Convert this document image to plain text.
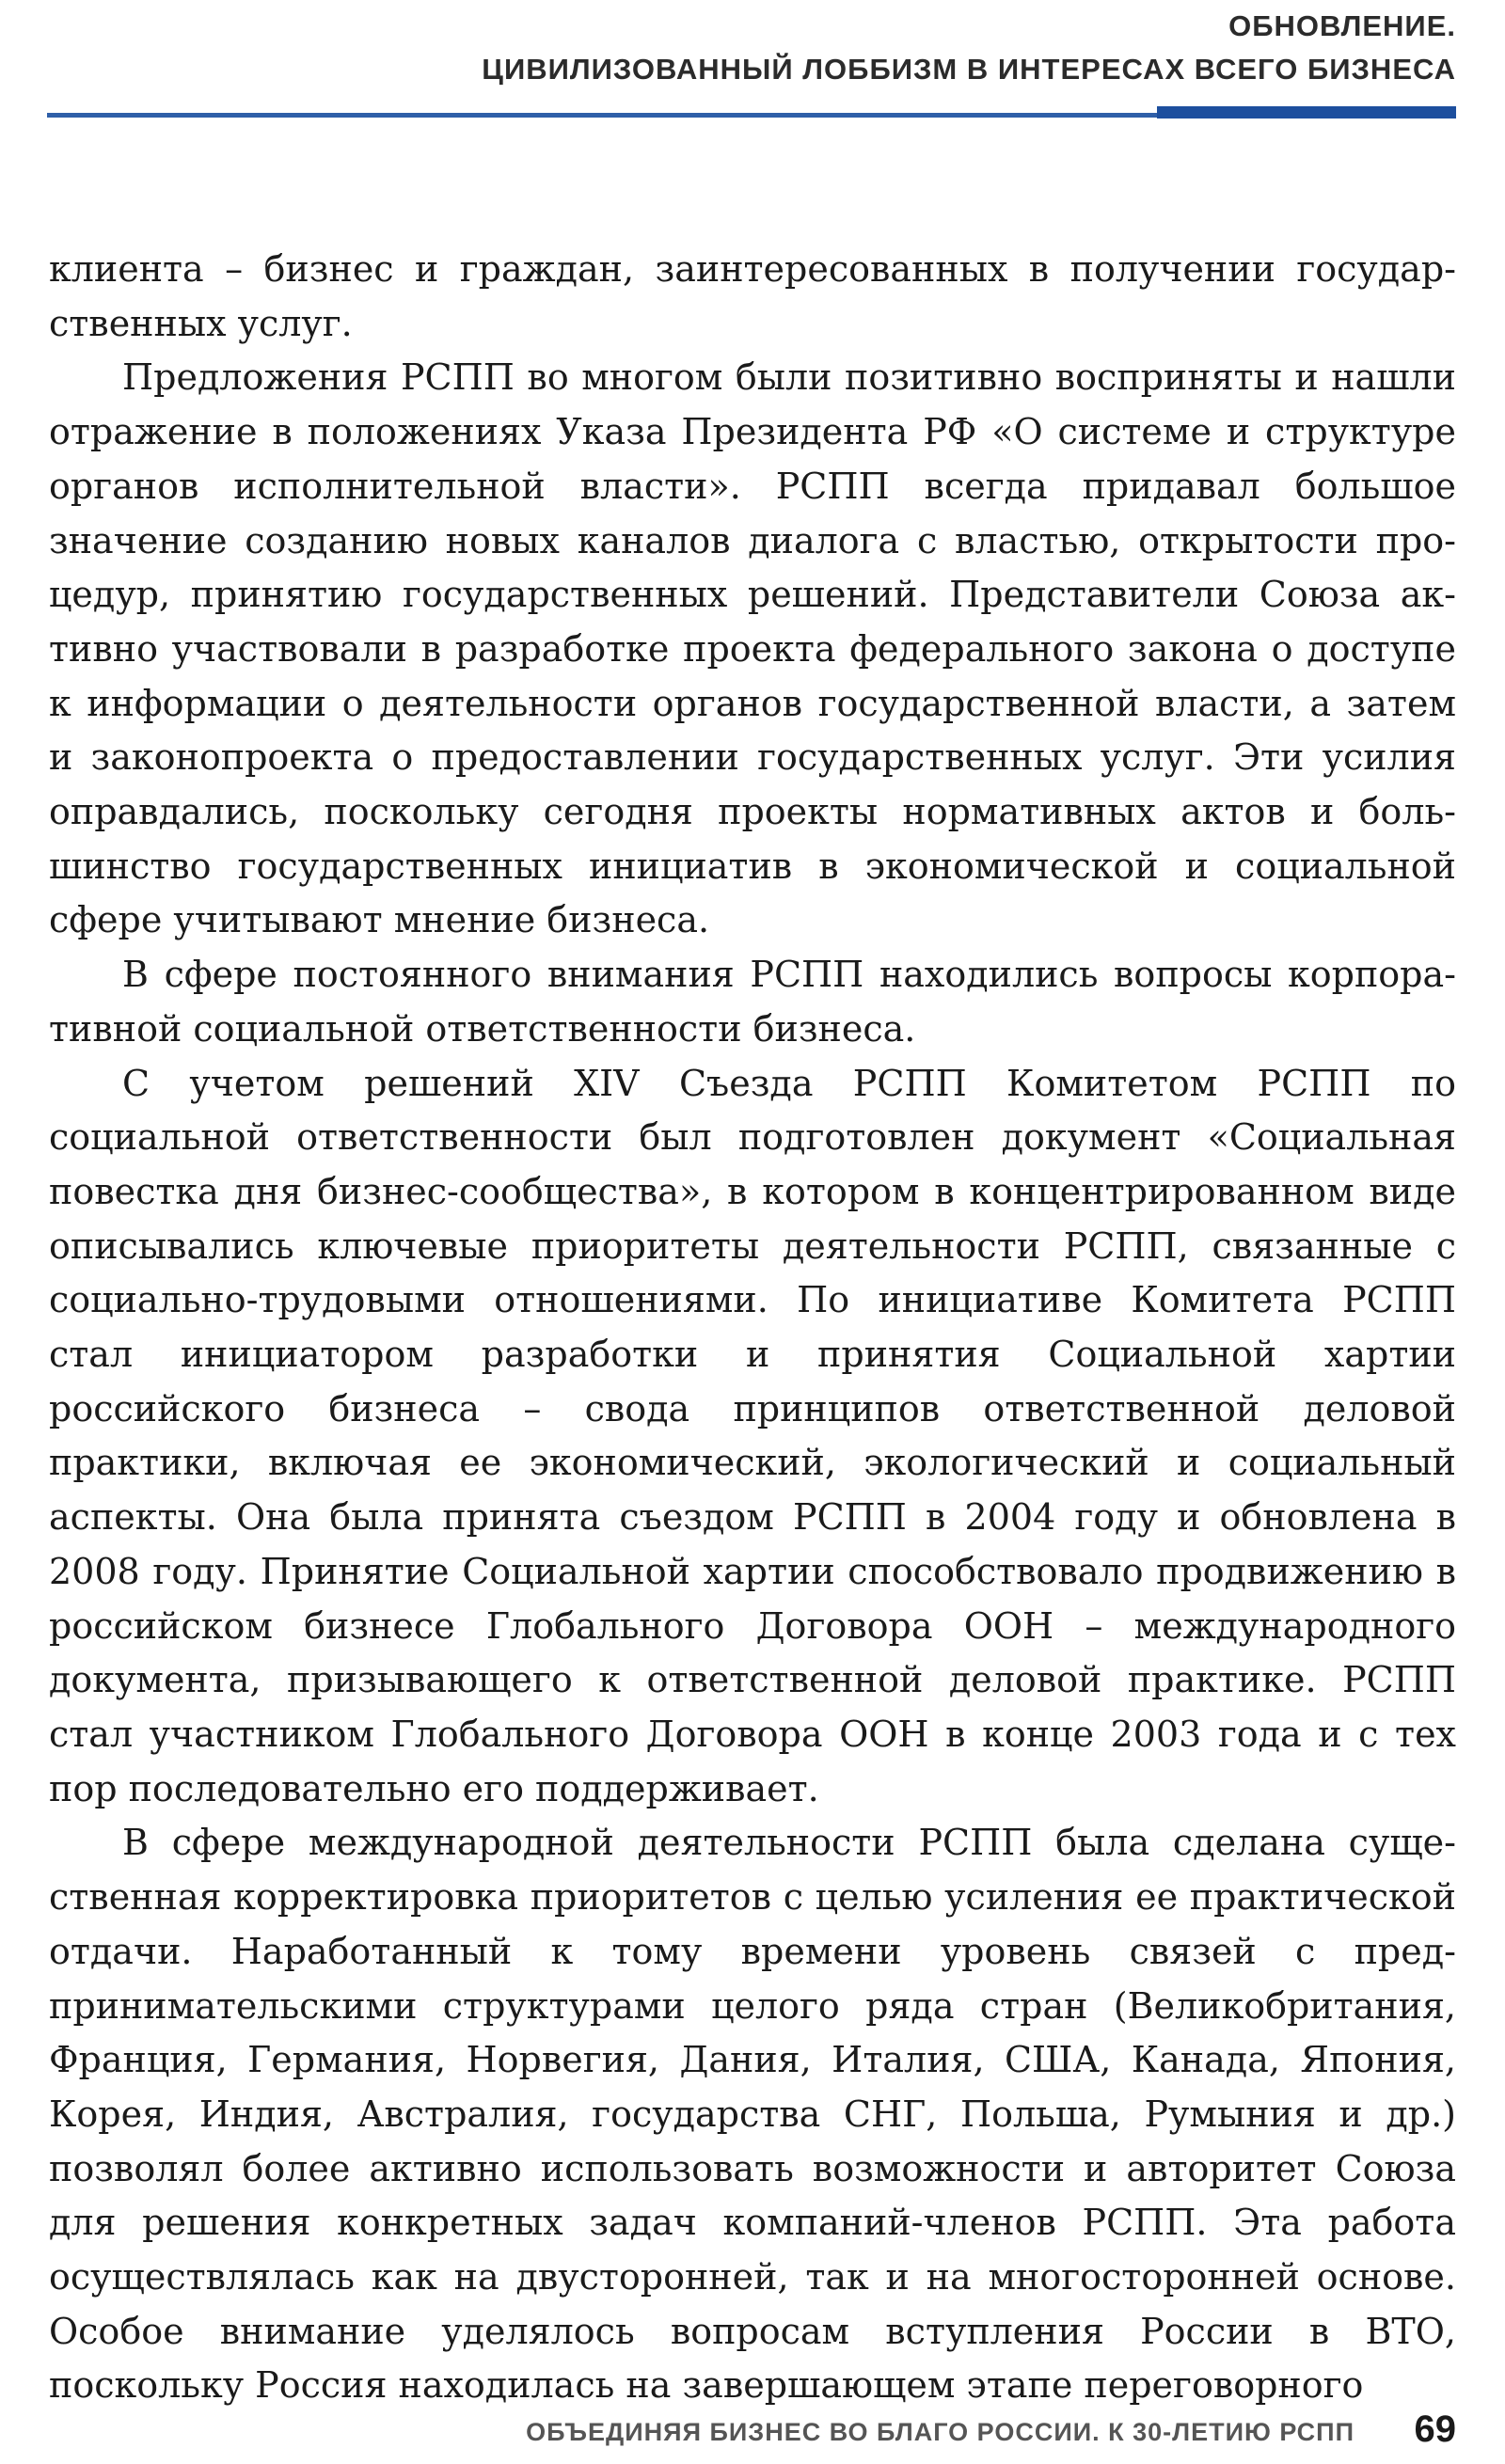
ОБНОВЛЕНИЕ.
ЦИВИЛИЗОВАННЫЙ ЛОББИЗМ В ИНТЕРЕСАХ ВСЕГО БИЗНЕСА

клиента – бизнес и граждан, заинтересованных в получении государственных услуг.

Предложения РСПП во многом были позитивно восприняты и нашли отражение в положениях Указа Президента РФ «О системе и структуре органов исполнительной власти». РСПП всегда придавал большое значение созданию новых каналов диалога с властью, открытости процедур, принятию государственных решений. Представители Союза активно участвовали в разработке проекта федерального закона о доступе к информации о деятельности органов государственной власти, а затем и законопроекта о предоставлении государственных услуг. Эти усилия оправдались, поскольку сегодня проекты нормативных актов и большинство государственных инициатив в экономической и социальной сфере учитывают мнение бизнеса.

В сфере постоянного внимания РСПП находились вопросы корпоративной социальной ответственности бизнеса.

С учетом решений XIV Съезда РСПП Комитетом РСПП по социальной ответственности был подготовлен документ «Социальная повестка дня бизнес-сообщества», в котором в концентрированном виде описывались ключевые приоритеты деятельности РСПП, связанные с социально-трудовыми отношениями. По инициативе Комитета РСПП стал инициатором разработки и принятия Социальной хартии российского бизнеса – свода принципов ответственной деловой практики, включая ее экономический, экологический и социальный аспекты. Она была принята съездом РСПП в 2004 году и обновлена в 2008 году. Принятие Социальной хартии способствовало продвижению в российском бизнесе Глобального Договора ООН – международного документа, призывающего к ответственной деловой практике. РСПП стал участником Глобального Договора ООН в конце 2003 года и с тех пор последовательно его поддерживает.

В сфере международной деятельности РСПП была сделана существенная корректировка приоритетов с целью усиления ее практической отдачи. Наработанный к тому времени уровень связей с предпринимательскими структурами целого ряда стран (Великобритания, Франция, Германия, Норвегия, Дания, Италия, США, Канада, Япония, Корея, Индия, Австралия, государства СНГ, Польша, Румыния и др.) позволял более активно использовать возможности и авторитет Союза для решения конкретных задач компаний-членов РСПП. Эта работа осуществлялась как на двусторонней, так и на многосторонней основе. Особое внимание уделялось вопросам вступления России в ВТО, поскольку Россия находилась на завершающем этапе переговорного

ОБЪЕДИНЯЯ БИЗНЕС ВО БЛАГО РОССИИ. К 30-ЛЕТИЮ РСПП 69
